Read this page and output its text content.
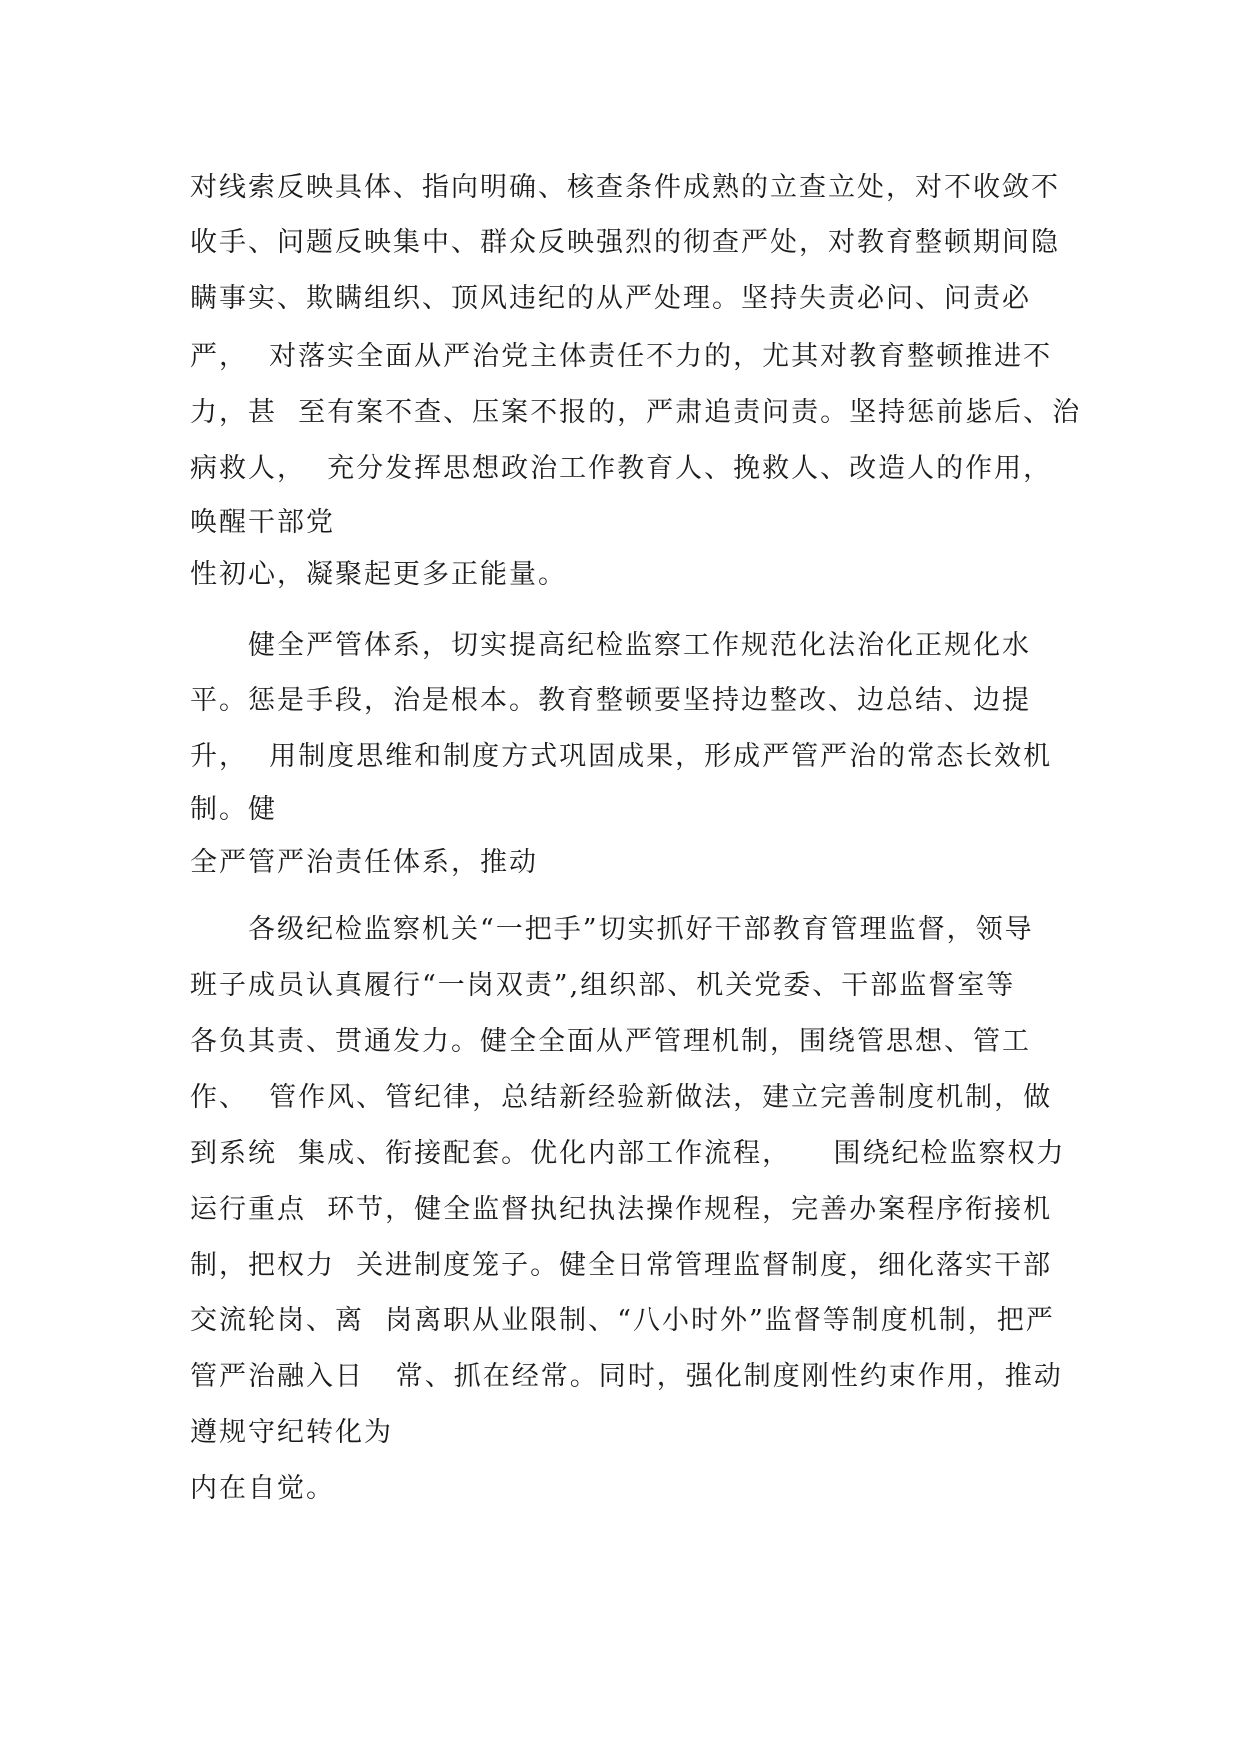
对线索反映具体、指向明确、核查条件成熟的立查立处，对不收敛不
收手、问题反映集中、群众反映强烈的彻查严处，对教育整顿期间隐
瞒事实、欺瞒组织、顶风违纪的从严处理。坚持失责必问、问责必
严，  对落实全面从严治党主体责任不力的，尤其对教育整顿推进不
力，甚  至有案不查、压案不报的，严肃追责问责。坚持惩前毖后、治
病救人，  充分发挥思想政治工作教育人、挽救人、改造人的作用，
唤醒干部党
性初心，凝聚起更多正能量。
健全严管体系，切实提高纪检监察工作规范化法治化正规化水
平。惩是手段，治是根本。教育整顿要坚持边整改、边总结、边提
升，  用制度思维和制度方式巩固成果，形成严管严治的常态长效机
制。健
全严管严治责任体系，推动
各级纪检监察机关“一把手”切实抓好干部教育管理监督，领导
班子成员认真履行“一岗双责”,组织部、机关党委、干部监督室等
各负其责、贯通发力。健全全面从严管理机制，围绕管思想、管工
作、  管作风、管纪律，总结新经验新做法，建立完善制度机制，做
到系统  集成、衔接配套。优化内部工作流程，    围绕纪检监察权力
运行重点  环节，健全监督执纪执法操作规程，完善办案程序衔接机
制，把权力  关进制度笼子。健全日常管理监督制度，细化落实干部
交流轮岗、离  岗离职从业限制、“八小时外”监督等制度机制，把严
管严治融入日   常、抓在经常。同时，强化制度刚性约束作用，推动
遵规守纪转化为
内在自觉。
